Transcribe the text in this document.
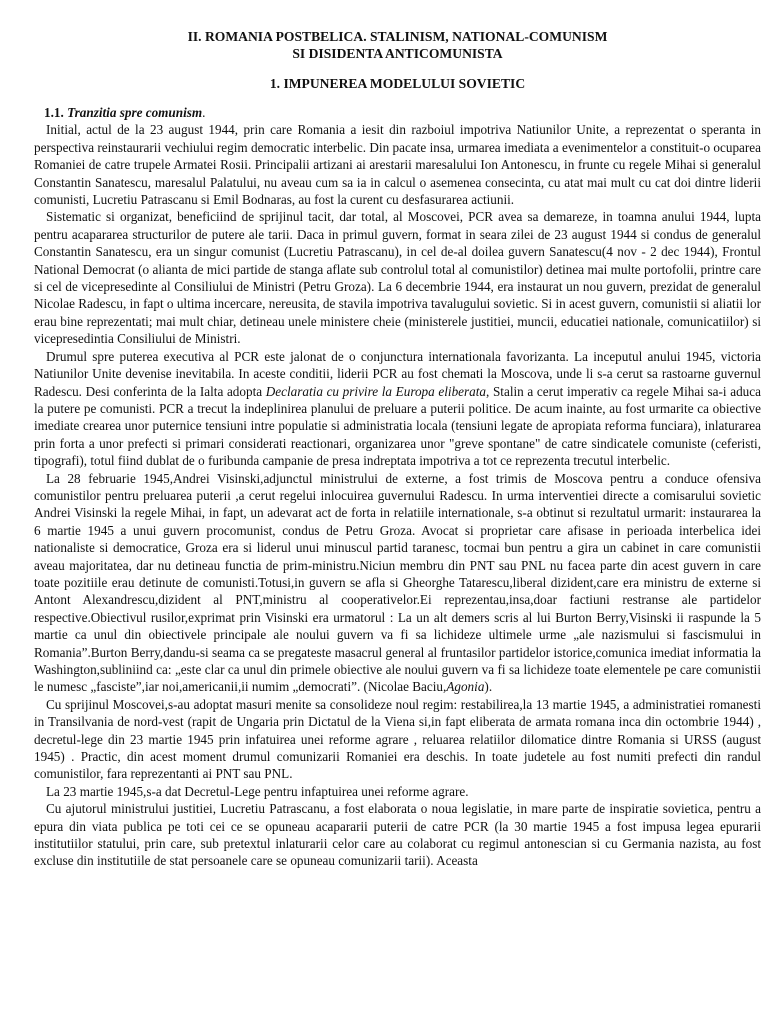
II. ROMANIA POSTBELICA. STALINISM, NATIONAL-COMUNISM
SI DISIDENTA ANTICOMUNISTA
1. IMPUNEREA MODELULUI SOVIETIC
1.1. Tranzitia spre comunism.

Initial, actul de la 23 august 1944, prin care Romania a iesit din razboiul impotriva Natiunilor Unite, a reprezentat o speranta in perspectiva reinstaurarii vechiului regim democratic interbelic. Din pacate insa, urmarea imediata a evenimentelor a constituit-o ocuparea Romaniei de catre trupele Armatei Rosii. Principalii artizani ai arestarii maresalului Ion Antonescu, in frunte cu regele Mihai si generalul Constantin Sanatescu, maresalul Palatului, nu aveau cum sa ia in calcul o asemenea consecinta, cu atat mai mult cu cat doi dintre liderii comunisti, Lucretiu Patrascanu si Emil Bodnaras, au fost la curent cu desfasurarea actiunii.

Sistematic si organizat, beneficiind de sprijinul tacit, dar total, al Moscovei, PCR avea sa demareze, in toamna anului 1944, lupta pentru acapararea structurilor de putere ale tarii. Daca in primul guvern, format in seara zilei de 23 august 1944 si condus de generalul Constantin Sanatescu, era un singur comunist (Lucretiu Patrascanu), in cel de-al doilea guvern Sanatescu(4 nov - 2 dec 1944), Frontul National Democrat (o alianta de mici partide de stanga aflate sub controlul total al comunistilor) detinea mai multe portofolii, printre care si cel de vicepresedinte al Consiliului de Ministri (Petru Groza). La 6 decembrie 1944, era instaurat un nou guvern, prezidat de generalul Nicolae Radescu, in fapt o ultima incercare, nereusita, de stavila impotriva tavalugului sovietic. Si in acest guvern, comunistii si aliatii lor erau bine reprezentati; mai mult chiar, detineau unele ministere cheie (ministerele justitiei, muncii, educatiei nationale, comunicatiilor) si vicepresedintia Consiliului de Ministri.

Drumul spre puterea executiva al PCR este jalonat de o conjunctura internationala favorizanta. La inceputul anului 1945, victoria Natiunilor Unite devenise inevitabila. In aceste conditii, liderii PCR au fost chemati la Moscova, unde li s-a cerut sa rastoarne guvernul Radescu. Desi conferinta de la Ialta adopta Declaratia cu privire la Europa eliberata, Stalin a cerut imperativ ca regele Mihai sa-i aduca la putere pe comunisti. PCR a trecut la indeplinirea planului de preluare a puterii politice. De acum inainte, au fost urmarite ca obiective imediate crearea unor puternice tensiuni intre populatie si administratia locala (tensiuni legate de apropiata reforma funciara), inlaturarea prin forta a unor prefecti si primari considerati reactionari, organizarea unor "greve spontane" de catre sindicatele comuniste (ceferisti, tipografi), totul fiind dublat de o furibunda campanie de presa indreptata impotriva a tot ce reprezenta trecutul interbelic.

La 28 februarie 1945,Andrei Visinski,adjunctul ministrului de externe, a fost trimis de Moscova pentru a conduce ofensiva comunistilor pentru preluarea puterii ,a cerut regelui inlocuirea guvernului Radescu. In urma interventiei directe a comisarului sovietic Andrei Visinski la regele Mihai, in fapt, un adevarat act de forta in relatiile internationale, s-a obtinut si rezultatul urmarit: instaurarea la 6 martie 1945 a unui guvern procomunist, condus de Petru Groza. Avocat si proprietar care afisase in perioada interbelica idei nationaliste si democratice, Groza era si liderul unui minuscul partid taranesc, tocmai bun pentru a gira un cabinet in care comunistii aveau majoritatea, dar nu detineau functia de prim-ministru.Niciun membru din PNT sau PNL nu facea parte din acest guvern in care toate pozitiile erau detinute de comunisti.Totusi,in guvern se afla si Gheorghe Tatarescu,liberal dizident,care era ministru de externe si Antont Alexandrescu,dizident al PNT,ministru al cooperativelor.Ei reprezentau,insa,doar factiuni restranse ale partidelor respective.Obiectivul rusilor,exprimat prin Visinski era urmatorul : La un alt demers scris al lui Burton Berry,Visinski ii raspunde la 5 martie ca unul din obiectivele principale ale noului guvern va fi sa lichideze ultimele urme „ale nazismului si fascismului in Romania”.Burton Berry,dandu-si seama ca se pregateste masacrul general al fruntasilor partidelor istorice,comunica imediat informatia la Washington,subliniind ca: „este clar ca unul din primele obiective ale noului guvern va fi sa lichideze toate elementele pe care comunistii le numesc „fasciste”,iar noi,americanii,ii numim „democrati”. (Nicolae Baciu,Agonia).

Cu sprijinul Moscovei,s-au adoptat masuri menite sa consolideze noul regim: restabilirea,la 13 martie 1945, a administratiei romanesti in Transilvania de nord-vest (rapit de Ungaria prin Dictatul de la Viena si,in fapt eliberata de armata romana inca din octombrie 1944) , decretul-lege din 23 martie 1945 prin infatuirea unei reforme agrare , reluarea relatiilor dilomatice dintre Romania si URSS (august 1945) . Practic, din acest moment drumul comunizarii Romaniei era deschis. In toate judetele au fost numiti prefecti din randul comunistilor, fara reprezentanti ai PNT sau PNL.

La 23 martie 1945,s-a dat Decretul-Lege pentru infaptuirea unei reforme agrare.

Cu ajutorul ministrului justitiei, Lucretiu Patrascanu, a fost elaborata o noua legislatie, in mare parte de inspiratie sovietica, pentru a epura din viata publica pe toti cei ce se opuneau acapararii puterii de catre PCR (la 30 martie 1945 a fost impusa legea epurarii institutiilor statului, prin care, sub pretextul inlaturarii celor care au colaborat cu regimul antonescian si cu Germania nazista, au fost excluse din institutiile de stat persoanele care se opuneau comunizarii tarii). Aceasta
